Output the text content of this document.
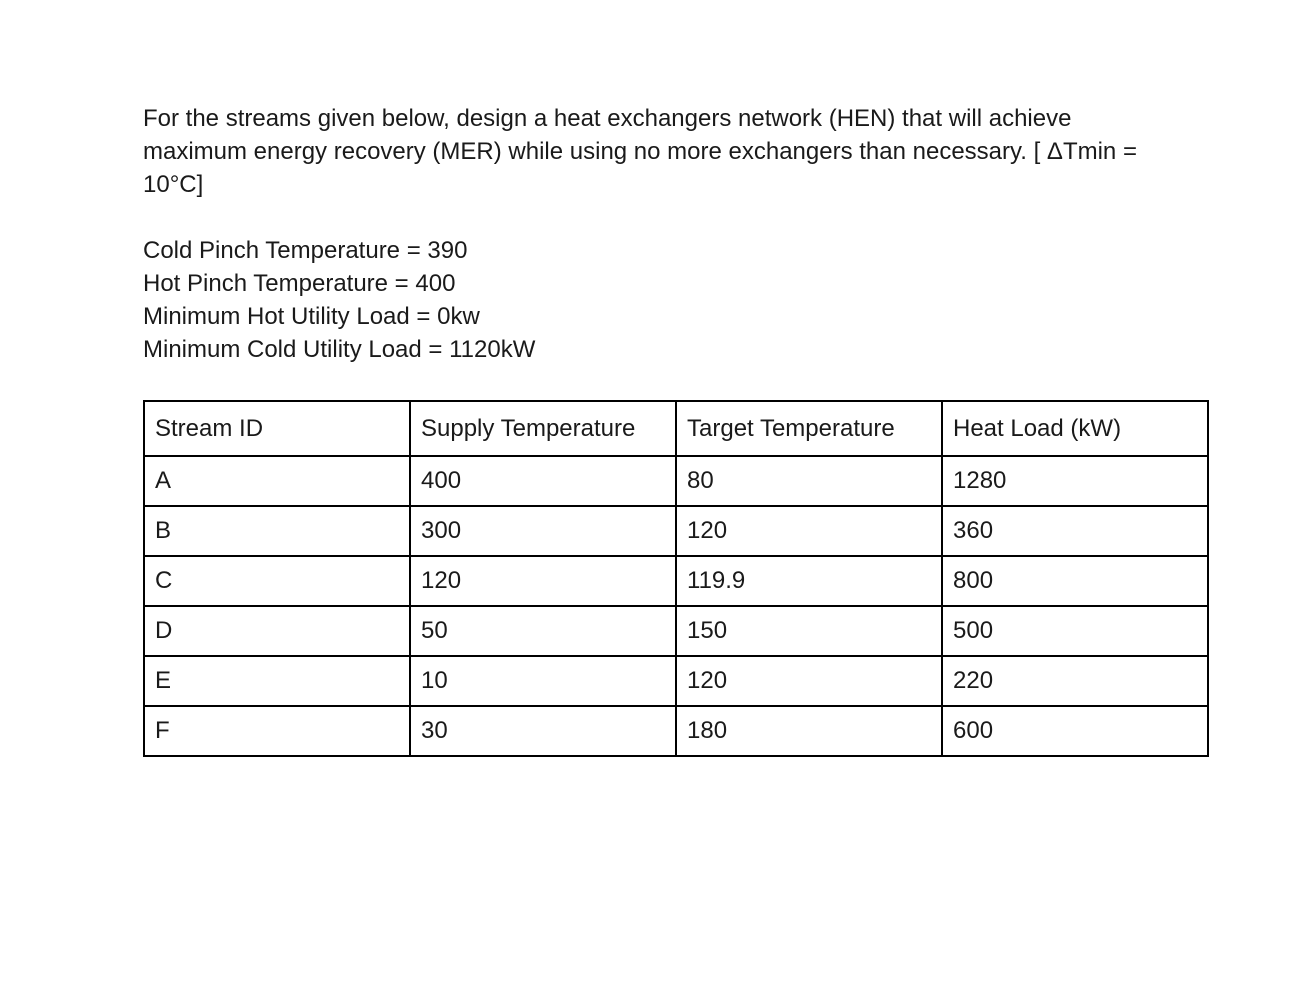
For the streams given below, design a heat exchangers network (HEN) that will achieve
maximum energy recovery (MER) while using no more exchangers than necessary. [ ΔTmin =
10°C]

Cold Pinch Temperature = 390
Hot Pinch Temperature = 400
Minimum Hot Utility Load = 0kw
Minimum Cold Utility Load = 1120kW
Stream ID	Supply Temperature	Target Temperature	Heat Load (kW)
A	400	80	1280
B	300	120	360
C	120	119.9	800
D	50	150	500
E	10	120	220
F	30	180	600
